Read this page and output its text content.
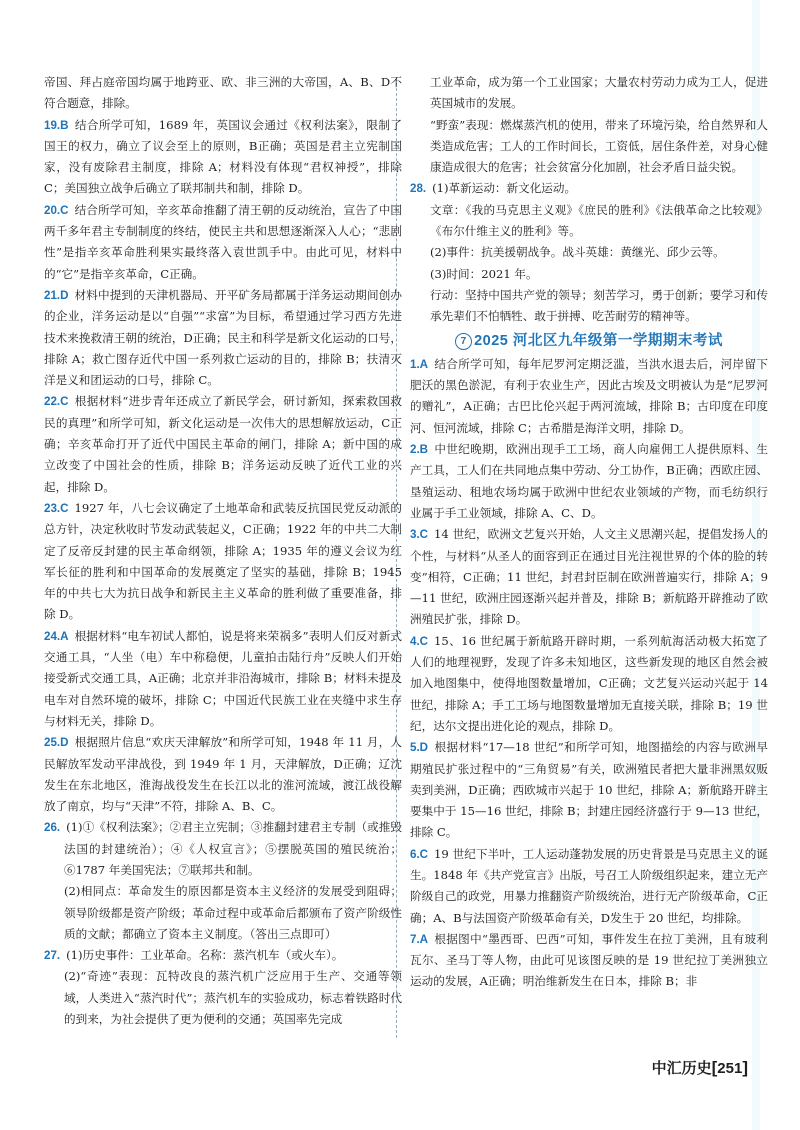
帝国、拜占庭帝国均属于地跨亚、欧、非三洲的大帝国，A、B、D不符合题意，排除。
19.B 结合所学可知，1689 年，英国议会通过《权利法案》，限制了国王的权力，确立了议会至上的原则，B正确；英国是君主立宪制国家，没有废除君主制度，排除 A；材料没有体现“君权神授”，排除 C；美国独立战争后确立了联邦制共和制，排除 D。
20.C 结合所学可知，辛亥革命推翻了清王朝的反动统治，宣告了中国两千多年君主专制制度的终结，使民主共和思想逐渐深入人心；“悲剧性”是指辛亥革命胜利果实最终落入袁世凯手中。由此可见，材料中的“它”是指辛亥革命，C正确。
21.D 材料中提到的天津机器局、开平矿务局都属于洋务运动期间创办的企业，洋务运动是以“自强”“求富”为目标，希望通过学习西方先进技术来挽救清王朝的统治，D正确；民主和科学是新文化运动的口号，排除 A；救亡图存近代中国一系列救亡运动的目的，排除 B；扶清灭洋是义和团运动的口号，排除 C。
22.C 根据材料“进步青年还成立了新民学会，研讨新知，探索救国救民的真理”和所学可知，新文化运动是一次伟大的思想解放运动，C正确；辛亥革命打开了近代中国民主革命的闸门，排除 A；新中国的成立改变了中国社会的性质，排除 B；洋务运动反映了近代工业的兴起，排除 D。
23.C 1927 年，八七会议确定了土地革命和武装反抗国民党反动派的总方针，决定秋收时节发动武装起义，C正确；1922 年的中共二大制定了反帝反封建的民主革命纲领，排除 A；1935 年的遵义会议为红军长征的胜利和中国革命的发展奠定了坚实的基础，排除 B；1945 年的中共七大为抗日战争和新民主主义革命的胜利做了重要准备，排除 D。
24.A 根据材料“电车初试人都怕，说是将来荣祸多”表明人们反对新式交通工具，“人坐（电）车中称稳便，儿童拍击陆行舟”反映人们开始接受新式交通工具，A正确；北京并非沿海城市，排除 B；材料未提及电车对自然环境的破坏，排除 C；中国近代民族工业在夹缝中求生存与材料无关，排除 D。
25.D 根据照片信息“欢庆天津解放”和所学可知，1948 年 11 月，人民解放军发动平津战役，到 1949 年 1 月，天津解放，D正确；辽沈发生在东北地区，淮海战役发生在长江以北的淮河流域，渡江战役解放了南京，均与“天津”不符，排除 A、B、C。
26. (1)①《权利法案》；②君主立宪制；③推翻封建君主专制（或推毁法国的封建统治）；④《人权宣言》；⑤摆脱英国的殖民统治；⑥1787 年美国宪法；⑦联邦共和制。
(2)相同点：革命发生的原因都是资本主义经济的发展受到阻碍；领导阶级都是资产阶级；革命过程中或革命后都颁布了资产阶级性质的文献；都确立了资本主义制度。（答出三点即可）
27. (1)历史事件：工业革命。名称：蒸汽机车（或火车）。
(2)“奇迹”表现：瓦特改良的蒸汽机广泛应用于生产、交通等领域，人类进入“蒸汽时代”；蒸汽机车的实验成功，标志着铁路时代的到来，为社会提供了更为便利的交通；英国率先完成
工业革命，成为第一个工业国家；大量农村劳动力成为工人，促进英国城市的发展。
“野蛮”表现：燃煤蒸汽机的使用，带来了环境污染，给自然界和人类造成危害；工人的工作时间长，工资低，居住条件差，对身心健康造成很大的危害；社会贫富分化加剧，社会矛盾日益尖锐。
28. (1)革新运动：新文化运动。
文章：《我的马克思主义观》《庶民的胜利》《法俄革命之比较观》《布尔什维主义的胜利》等。
(2)事件：抗美援朝战争。战斗英雄：黄继光、邱少云等。
(3)时间：2021 年。
行动：坚持中国共产党的领导；刻苦学习，勇于创新；要学习和传承先辈们不怕牺牲、敢于拼搏、吃苦耐劳的精神等。
7 2025 河北区九年级第一学期期末考试
1.A 结合所学可知，每年尼罗河定期泛滥，当洪水退去后，河岸留下肥沃的黑色淤泥，有利于农业生产，因此古埃及文明被认为是“尼罗河的赠礼”，A正确；古巴比伦兴起于两河流域，排除 B；古印度在印度河、恒河流域，排除 C；古希腊是海洋文明，排除 D。
2.B 中世纪晚期，欧洲出现手工工场，商人向雇佣工人提供原料、生产工具，工人们在共同地点集中劳动、分工协作，B正确；西欧庄园、垦殖运动、租地农场均属于欧洲中世纪农业领域的产物，而毛纺织行业属于手工业领域，排除 A、C、D。
3.C 14 世纪，欧洲文艺复兴开始，人文主义思潮兴起，提倡发扬人的个性，与材料“从圣人的面容到正在通过目光注视世界的个体的脸的转变”相符，C正确；11 世纪，封君封臣制在欧洲普遍实行，排除 A；9—11 世纪，欧洲庄园逐渐兴起并普及，排除 B；新航路开辟推动了欧洲殖民扩张，排除 D。
4.C 15、16 世纪属于新航路开辟时期，一系列航海活动极大拓宽了人们的地理视野，发现了许多未知地区，这些新发现的地区自然会被加入地图集中，使得地图数量增加，C正确；文艺复兴运动兴起于 14 世纪，排除 A；手工工场与地图数量增加无直接关联，排除 B；19 世纪，达尔文提出进化论的观点，排除 D。
5.D 根据材料“17—18 世纪”和所学可知，地图描绘的内容与欧洲早期殖民扩张过程中的“三角贸易”有关，欧洲殖民者把大量非洲黑奴贩卖到美洲，D正确；西欧城市兴起于 10 世纪，排除 A；新航路开辟主要集中于 15—16 世纪，排除 B；封建庄园经济盛行于 9—13 世纪，排除 C。
6.C 19 世纪下半叶，工人运动蓬勃发展的历史背景是马克思主义的诞生。1848 年《共产党宣言》出版，号召工人阶级组织起来，建立无产阶级自己的政党，用暴力推翻资产阶级统治，进行无产阶级革命，C正确；A、B与法国资产阶级革命有关，D发生于 20 世纪，均排除。
7.A 根据图中“墨西哥、巴西”可知，事件发生在拉丁美洲，且有玻利瓦尔、圣马丁等人物，由此可见该图反映的是 19 世纪拉丁美洲独立运动的发展，A正确；明治维新发生在日本，排除 B；非
中汇历史[251]
